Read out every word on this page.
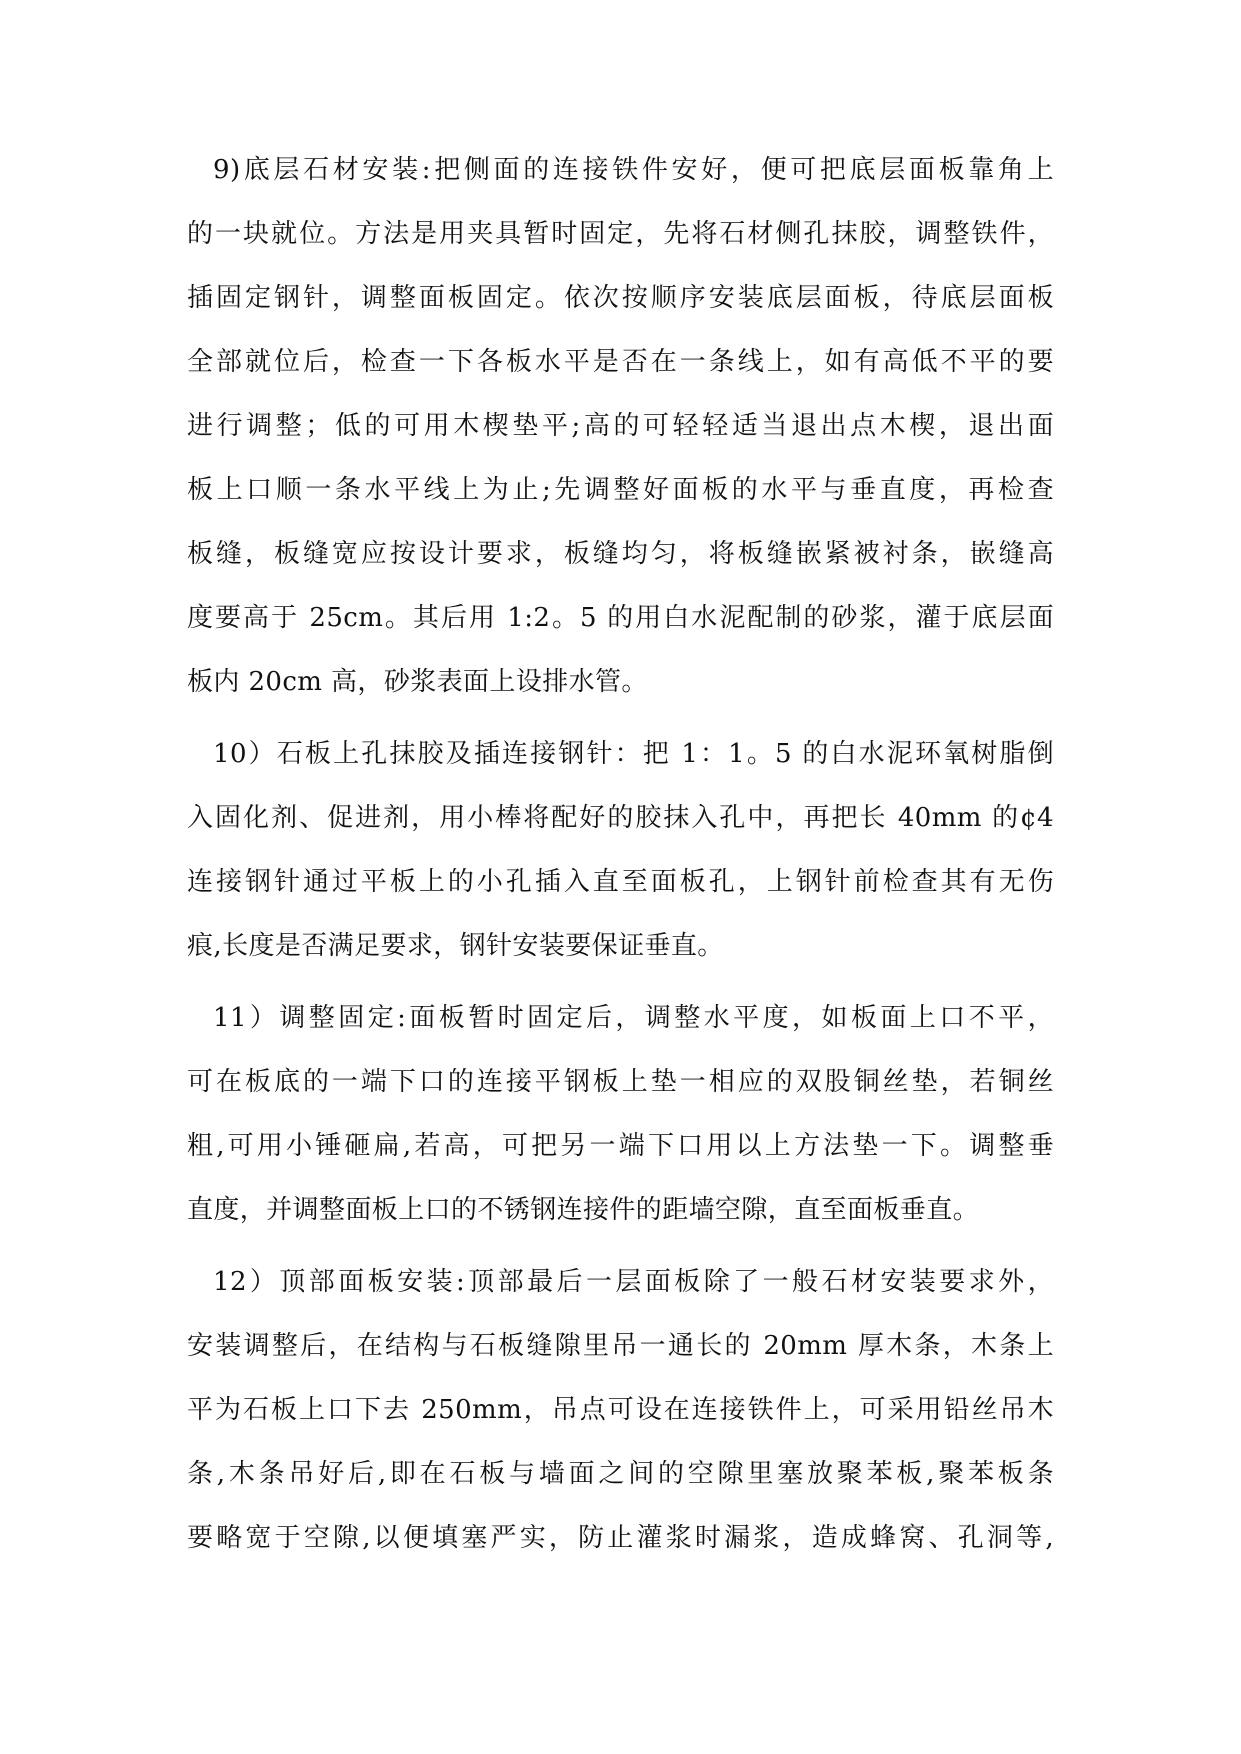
9)底层石材安装:把侧面的连接铁件安好，便可把底层面板靠角上
的一块就位。方法是用夹具暂时固定，先将石材侧孔抹胶，调整铁件，
插固定钢针，调整面板固定。依次按顺序安装底层面板，待底层面板
全部就位后，检查一下各板水平是否在一条线上，如有高低不平的要
进行调整；低的可用木楔垫平;高的可轻轻适当退出点木楔，退出面
板上口顺一条水平线上为止;先调整好面板的水平与垂直度，再检查
板缝，板缝宽应按设计要求，板缝均匀，将板缝嵌紧被衬条，嵌缝高
度要高于 25cm。其后用 1:2。5 的用白水泥配制的砂浆，灌于底层面
板内 20cm 高，砂浆表面上设排水管。
10）石板上孔抹胶及插连接钢针：把 1：1。5 的白水泥环氧树脂倒
入固化剂、促进剂，用小棒将配好的胶抹入孔中，再把长 40mm 的¢4
连接钢针通过平板上的小孔插入直至面板孔，上钢针前检查其有无伤
痕,长度是否满足要求，钢针安装要保证垂直。
11）调整固定:面板暂时固定后，调整水平度，如板面上口不平，
可在板底的一端下口的连接平钢板上垫一相应的双股铜丝垫，若铜丝
粗,可用小锤砸扁,若高，可把另一端下口用以上方法垫一下。调整垂
直度，并调整面板上口的不锈钢连接件的距墙空隙，直至面板垂直。
12）顶部面板安装:顶部最后一层面板除了一般石材安装要求外，
安装调整后，在结构与石板缝隙里吊一通长的 20mm 厚木条，木条上
平为石板上口下去 250mm，吊点可设在连接铁件上，可采用铅丝吊木
条,木条吊好后,即在石板与墙面之间的空隙里塞放聚苯板,聚苯板条
要略宽于空隙,以便填塞严实，防止灌浆时漏浆，造成蜂窝、孔洞等,
